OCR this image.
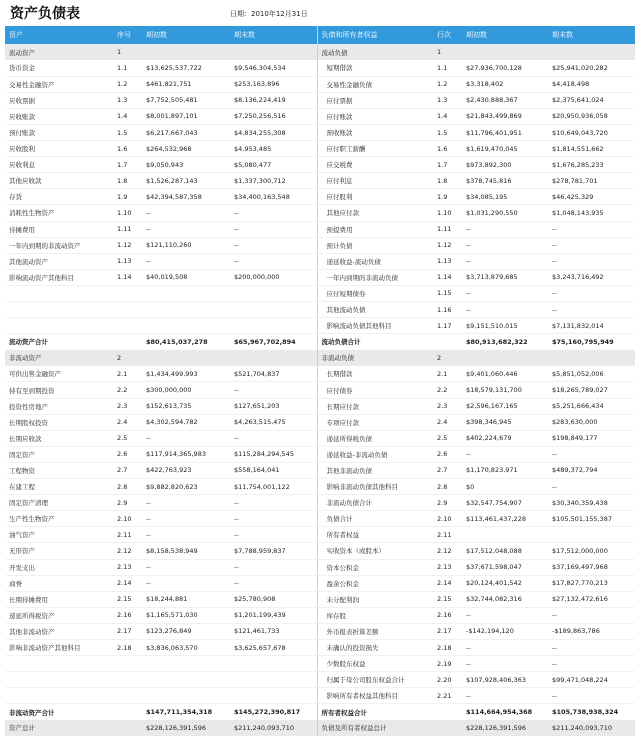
资产负债表	日期：2010年12月31日
资产	序号	期初数	期末数	负债和所有者权益	行次	期初数	期末数
流动资产	1			流动负债	1		
货币资金	1.1	$13,625,537,722	$9,546,304,534	短期借款	1.1	$27,936,700,128	$25,941,020,282
交易性金融资产	1.2	$461,821,751	$253,163,896	交易性金融负债	1.2	$3,318,402	$4,418,498
应收票据	1.3	$7,752,505,481	$8,136,224,419	应付票据	1.3	$2,430,888,367	$2,375,641,024
应收账款	1.4	$8,001,897,101	$7,250,256,516	应付账款	1.4	$21,843,499,869	$20,950,936,058
预付账款	1.5	$6,217,667,043	$4,834,255,308	预收账款	1.5	$11,796,401,951	$10,649,043,720
应收股利	1.6	$264,532,968	$4,953,485	应付职工薪酬	1.6	$1,619,470,045	$1,814,551,662
应收利息	1.7	$9,050,943	$5,080,477	应交税费	1.7	$973,892,300	$1,676,285,233
其他应收款	1.8	$1,526,287,143	$1,337,300,712	应付利息	1.8	$378,745,816	$278,781,701
存货	1.9	$42,394,587,358	$34,400,163,548	应付股利	1.9	$34,085,195	$46,425,329
消耗性生物资产	1.10	--	--	其他应付款	1.10	$1,031,290,550	$1,048,143,935
待摊费用	1.11	--	--	预提费用	1.11	--	--
一年内到期的非流动资产	1.12	$121,110,260	--	预计负债	1.12	--	--
其他流动资产	1.13	--	--	递延收益-流动负债	1.13	--	--
影响流动资产其他科目	1.14	$40,019,508	$200,000,000	一年内到期的非流动负债	1.14	$3,713,879,685	$3,243,716,492
				应付短期债券	1.15	--	--
				其他流动负债	1.16	--	--
				影响流动负债其他科目	1.17	$9,151,510,015	$7,131,832,014
流动资产合计		$80,415,037,278	$65,967,702,894	流动负债合计		$80,913,682,322	$75,160,795,949
非流动资产	2			非流动负债	2		
可供出售金融资产	2.1	$1,434,499,993	$521,704,837	长期借款	2.1	$9,401,060,446	$5,851,052,006
持有至到期投资	2.2	$300,000,000	--	应付债券	2.2	$18,579,131,700	$18,265,789,027
投资性房地产	2.3	$152,613,735	$127,651,203	长期应付款	2.3	$2,596,167,165	$5,251,666,434
长期股权投资	2.4	$4,302,594,782	$4,263,515,475	专项应付款	2.4	$398,346,945	$283,630,000
长期应收款	2.5	--	--	递延所得税负债	2.5	$402,224,679	$198,849,177
固定资产	2.6	$117,914,365,983	$115,284,294,545	递延收益-非流动负债	2.6	--	--
工程物资	2.7	$422,763,923	$558,164,041	其他非流动负债	2.7	$1,170,823,971	$489,372,794
在建工程	2.8	$9,882,820,623	$11,754,001,122	影响非流动负债其他科目	2.8	$0	--
固定资产清理	2.9	--	--	非流动负债合计	2.9	$32,547,754,907	$30,340,359,438
生产性生物资产	2.10	--	--	负债合计	2.10	$113,461,437,228	$105,501,155,387
油气资产	2.11	--	--	所有者权益	2.11		
无形资产	2.12	$8,158,538,949	$7,788,959,837	实收资本（或股本）	2.12	$17,512,048,088	$17,512,000,000
开发支出	2.13	--	--	资本公积金	2.13	$37,671,598,047	$37,169,497,968
商誉	2.14	--	--	盈余公积金	2.14	$20,124,401,542	$17,827,770,213
长期待摊费用	2.15	$18,244,881	$25,780,908	未分配利润	2.15	$32,744,082,316	$27,132,472,616
递延所得税资产	2.16	$1,165,571,030	$1,201,199,439	库存股	2.16	--	--
其他非流动资产	2.17	$123,276,849	$121,461,733	外币报表折算差额	2.17	-$142,194,120	-$189,863,786
影响非流动资产其他科目	2.18	$3,836,063,570	$3,625,657,678	未确认的投资损失	2.18	--	--
				少数股东权益	2.19	--	--
				归属于母公司股东权益合计	2.20	$107,928,406,363	$99,471,048,224
				影响所有者权益其他科目	2.21	--	--
非流动资产合计		$147,711,354,318	$145,272,390,817	所有者权益合计		$114,664,954,368	$105,738,938,324
资产总计		$228,126,391,596	$211,240,093,710	负债及所有者权益总计		$228,126,391,596	$211,240,093,710
